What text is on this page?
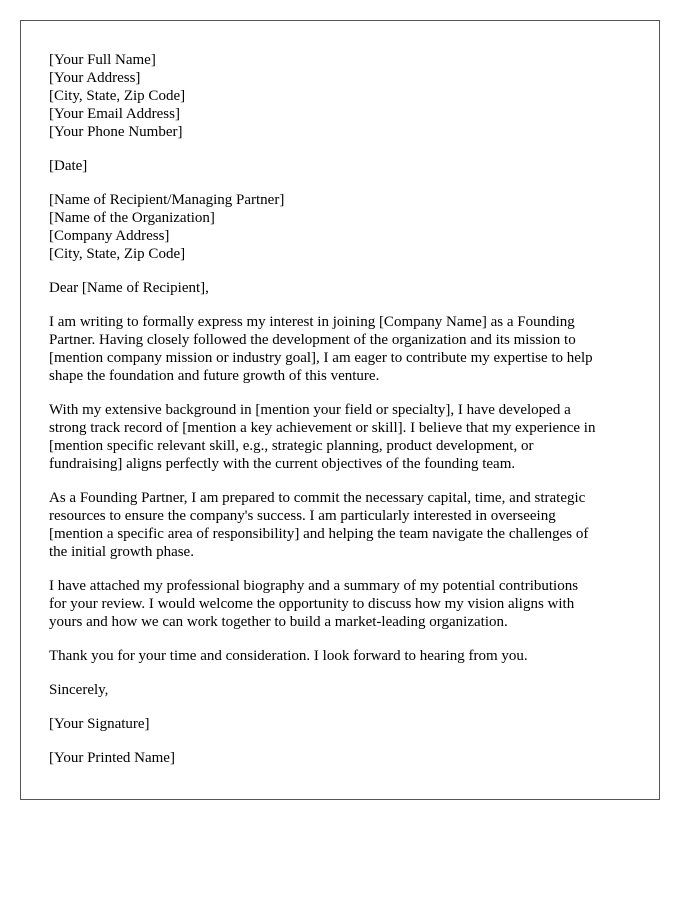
[Your Full Name]
[Your Address]
[City, State, Zip Code]
[Your Email Address]
[Your Phone Number]
[Date]
[Name of Recipient/Managing Partner]
[Name of the Organization]
[Company Address]
[City, State, Zip Code]
Dear [Name of Recipient],
I am writing to formally express my interest in joining [Company Name] as a Founding
Partner. Having closely followed the development of the organization and its mission to
[mention company mission or industry goal], I am eager to contribute my expertise to help
shape the foundation and future growth of this venture.
With my extensive background in [mention your field or specialty], I have developed a
strong track record of [mention a key achievement or skill]. I believe that my experience in
[mention specific relevant skill, e.g., strategic planning, product development, or
fundraising] aligns perfectly with the current objectives of the founding team.
As a Founding Partner, I am prepared to commit the necessary capital, time, and strategic
resources to ensure the company's success. I am particularly interested in overseeing
[mention a specific area of responsibility] and helping the team navigate the challenges of
the initial growth phase.
I have attached my professional biography and a summary of my potential contributions
for your review. I would welcome the opportunity to discuss how my vision aligns with
yours and how we can work together to build a market-leading organization.
Thank you for your time and consideration. I look forward to hearing from you.
Sincerely,
[Your Signature]
[Your Printed Name]
